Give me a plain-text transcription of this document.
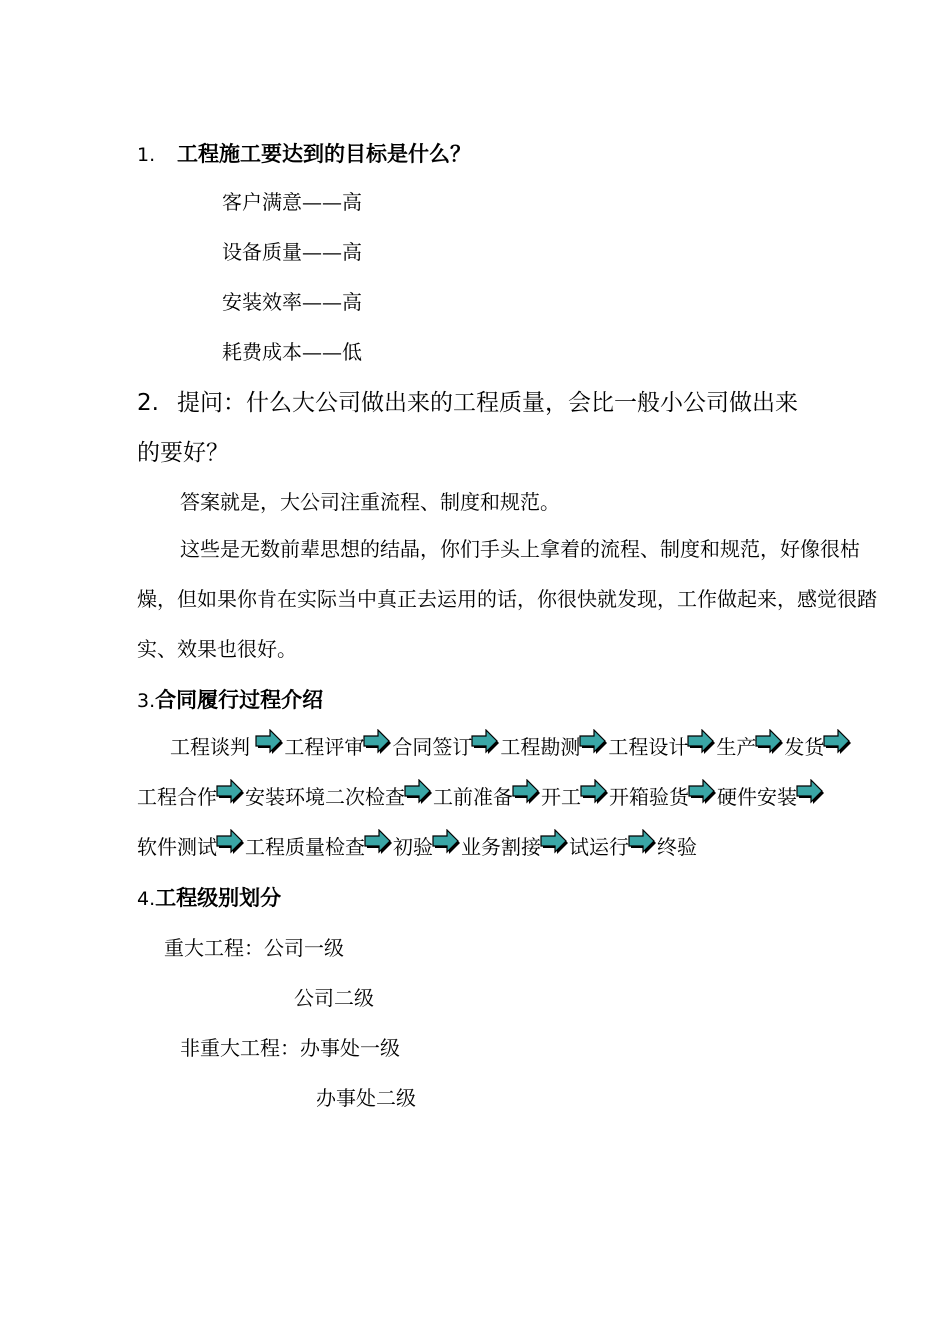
1. 工程施工要达到的目标是什么？
客户满意——高
设备质量——高
安装效率——高
耗费成本——低
2. 提问：什么大公司做出来的工程质量，会比一般小公司做出来
的要好？
答案就是，大公司注重流程、制度和规范。
这些是无数前辈思想的结晶，你们手头上拿着的流程、制度和规范，好像很枯燥，但如果你肯在实际当中真正去运用的话，你很快就发现，工作做起来，感觉很踏实、效果也很好。
3.合同履行过程介绍
工程谈判 工程评审 合同签订 工程勘测 工程设计 生产 发货工程合作 安装环境二次检查 工前准备 开工 开箱验货 硬件安装软件测试 工程质量检查 初验 业务割接 试运行 终验
4.工程级别划分
重大工程：公司一级
公司二级
非重大工程：办事处一级
办事处二级
